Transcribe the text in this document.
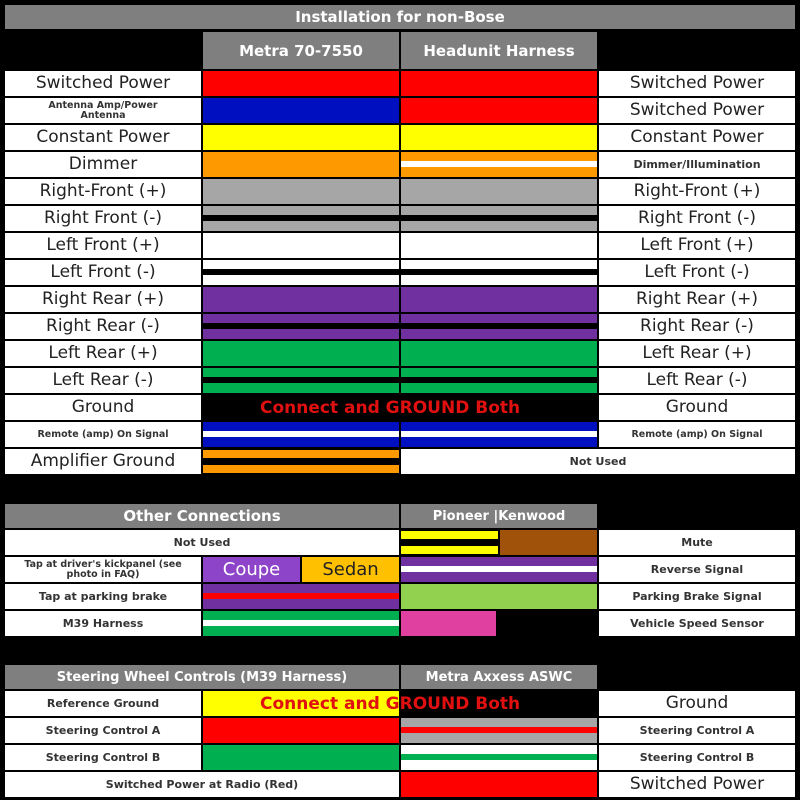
Installation for non-Bose
Metra 70-7550	Headunit Harness
Switched Power	Switched Power
Antenna Amp/Power Antenna	Switched Power
Constant Power	Constant Power
Dimmer	Dimmer/Illumination
Right-Front (+)	Right-Front (+)
Right Front (-)	Right Front (-)
Left Front (+)	Left Front (+)
Left Front (-)	Left Front (-)
Right Rear (+)	Right Rear (+)
Right Rear (-)	Right Rear (-)
Left Rear (+)	Left Rear (+)
Left Rear (-)	Left Rear (-)
Ground	Connect and GROUND Both	Ground
Remote (amp) On Signal	Remote (amp) On Signal
Amplifier Ground	Not Used
Other Connections	Pioneer |Kenwood
Not Used	Mute
Tap at driver's kickpanel (see photo in FAQ)	Coupe	Sedan	Reverse Signal
Tap at parking brake	Parking Brake Signal
M39 Harness	Vehicle Speed Sensor
Steering Wheel Controls (M39 Harness)	Metra Axxess ASWC
Reference Ground	Connect and GROUND Both	Ground
Steering Control A	Steering Control A
Steering Control B	Steering Control B
Switched Power at Radio (Red)	Switched Power
